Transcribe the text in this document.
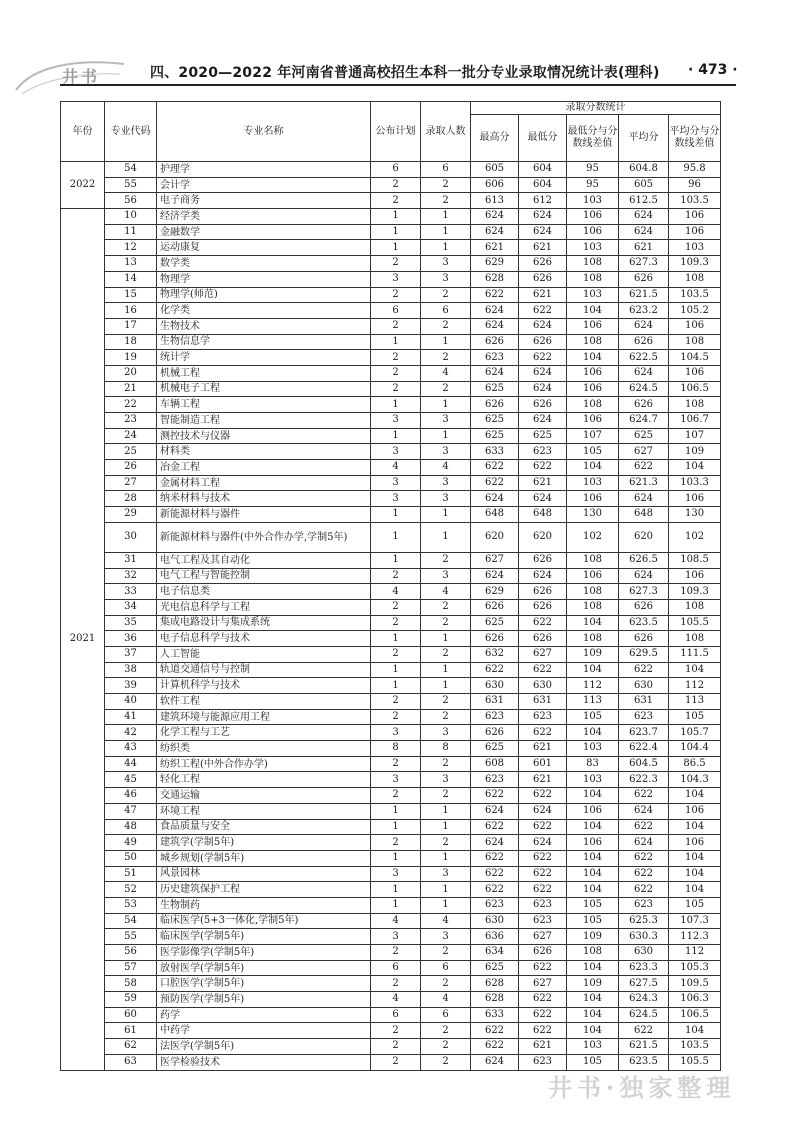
井书	四、2020—2022 年河南省普通高校招生本科一批分专业录取情况统计表(理科) · 473 ·
年份	专业代码	专业名称	公布计划	录取人数	录取分数统计				
					最高分	最低分	最低分与分数线差值	平均分	平均分与分数线差值
2022	54	护理学	6	6	605	604	95	604.8	95.8
	55	会计学	2	2	606	604	95	605	96
	56	电子商务	2	2	613	612	103	612.5	103.5
2021	10	经济学类	1	1	624	624	106	624	106
	11	金融数学	1	1	624	624	106	624	106
	12	运动康复	1	1	621	621	103	621	103
	13	数学类	2	3	629	626	108	627.3	109.3
	14	物理学	3	3	628	626	108	626	108
	15	物理学(师范)	2	2	622	621	103	621.5	103.5
	16	化学类	6	6	624	622	104	623.2	105.2
	17	生物技术	2	2	624	624	106	624	106
	18	生物信息学	1	1	626	626	108	626	108
	19	统计学	2	2	623	622	104	622.5	104.5
	20	机械工程	2	4	624	624	106	624	106
	21	机械电子工程	2	2	625	624	106	624.5	106.5
	22	车辆工程	1	1	626	626	108	626	108
	23	智能制造工程	3	3	625	624	106	624.7	106.7
	24	测控技术与仪器	1	1	625	625	107	625	107
	25	材料类	3	3	633	623	105	627	109
	26	冶金工程	4	4	622	622	104	622	104
	27	金属材料工程	3	3	622	621	103	621.3	103.3
	28	纳米材料与技术	3	3	624	624	106	624	106
	29	新能源材料与器件	1	1	648	648	130	648	130
	30	新能源材料与器件(中外合作办学,学制5年)	1	1	620	620	102	620	102
	31	电气工程及其自动化	1	2	627	626	108	626.5	108.5
	32	电气工程与智能控制	2	3	624	624	106	624	106
	33	电子信息类	4	4	629	626	108	627.3	109.3
	34	光电信息科学与工程	2	2	626	626	108	626	108
	35	集成电路设计与集成系统	2	2	625	622	104	623.5	105.5
	36	电子信息科学与技术	1	1	626	626	108	626	108
	37	人工智能	2	2	632	627	109	629.5	111.5
	38	轨道交通信号与控制	1	1	622	622	104	622	104
	39	计算机科学与技术	1	1	630	630	112	630	112
	40	软件工程	2	2	631	631	113	631	113
	41	建筑环境与能源应用工程	2	2	623	623	105	623	105
	42	化学工程与工艺	3	3	626	622	104	623.7	105.7
	43	纺织类	8	8	625	621	103	622.4	104.4
	44	纺织工程(中外合作办学)	2	2	608	601	83	604.5	86.5
	45	轻化工程	3	3	623	621	103	622.3	104.3
	46	交通运输	2	2	622	622	104	622	104
	47	环境工程	1	1	624	624	106	624	106
	48	食品质量与安全	1	1	622	622	104	622	104
	49	建筑学(学制5年)	2	2	624	624	106	624	106
	50	城乡规划(学制5年)	1	1	622	622	104	622	104
	51	风景园林	3	3	622	622	104	622	104
	52	历史建筑保护工程	1	1	622	622	104	622	104
	53	生物制药	1	1	623	623	105	623	105
	54	临床医学(5+3一体化,学制5年)	4	4	630	623	105	625.3	107.3
	55	临床医学(学制5年)	3	3	636	627	109	630.3	112.3
	56	医学影像学(学制5年)	2	2	634	626	108	630	112
	57	放射医学(学制5年)	6	6	625	622	104	623.3	105.3
	58	口腔医学(学制5年)	2	2	628	627	109	627.5	109.5
	59	预防医学(学制5年)	4	4	628	622	104	624.3	106.3
	60	药学	6	6	633	622	104	624.5	106.5
	61	中药学	2	2	622	622	104	622	104
	62	法医学(学制5年)	2	2	622	621	103	621.5	103.5
	63	医学检验技术	2	2	624	623	105	623.5	105.5
井书·独家整理
